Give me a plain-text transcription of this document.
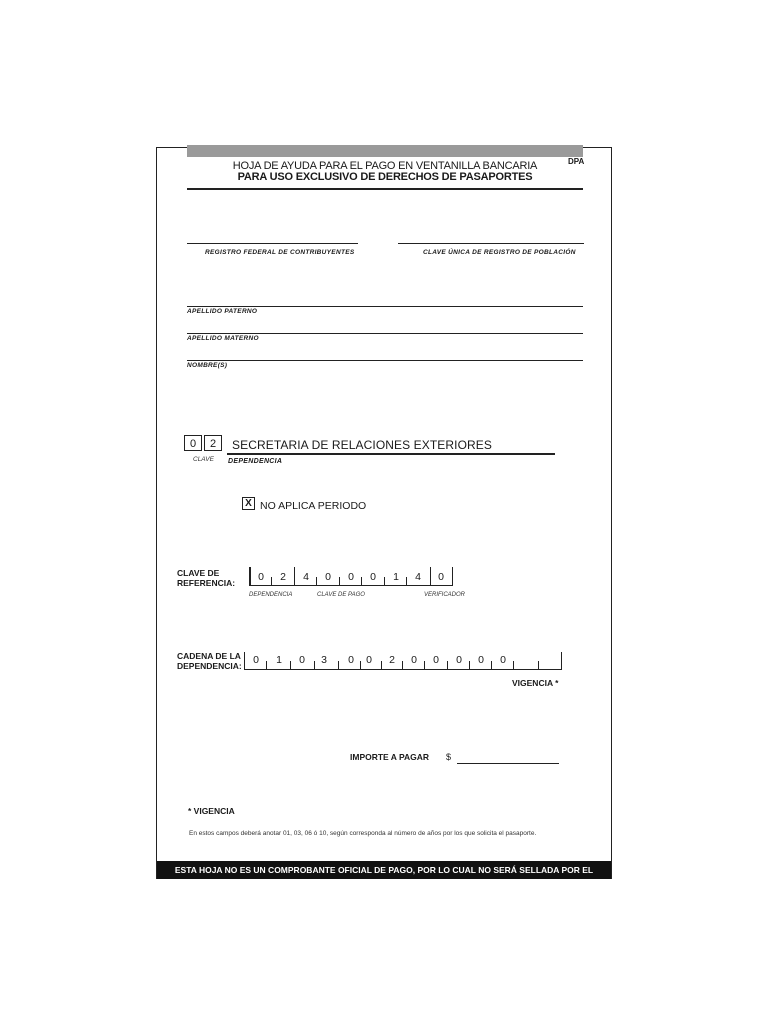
DPA
HOJA DE AYUDA PARA EL PAGO EN VENTANILLA BANCARIA
PARA USO EXCLUSIVO DE DERECHOS DE PASAPORTES
REGISTRO FEDERAL DE CONTRIBUYENTES	CLAVE ÚNICA DE REGISTRO DE POBLACIÓN
APELLIDO PATERNO
APELLIDO MATERNO
NOMBRE(S)
0	2	SECRETARIA DE RELACIONES EXTERIORES
CLAVE DEPENDENCIA
X NO APLICA PERIODO
CLAVE DE
REFERENCIA: 0 2 4 0 0 0 1 4 0
DEPENDENCIA	CLAVE DE PAGO	VERIFICADOR
CADENA DE LA
DEPENDENCIA: 0 1 0 3 0 0 2 0 0 0 0 0
VIGENCIA *
IMPORTE A PAGAR $
* VIGENCIA
En estos campos deberá anotar 01, 03, 06 ó 10, según corresponda al número de años por los que solicita el pasaporte.
ESTA HOJA NO ES UN COMPROBANTE OFICIAL DE PAGO, POR LO CUAL NO SERÁ SELLADA POR EL CAJERO
